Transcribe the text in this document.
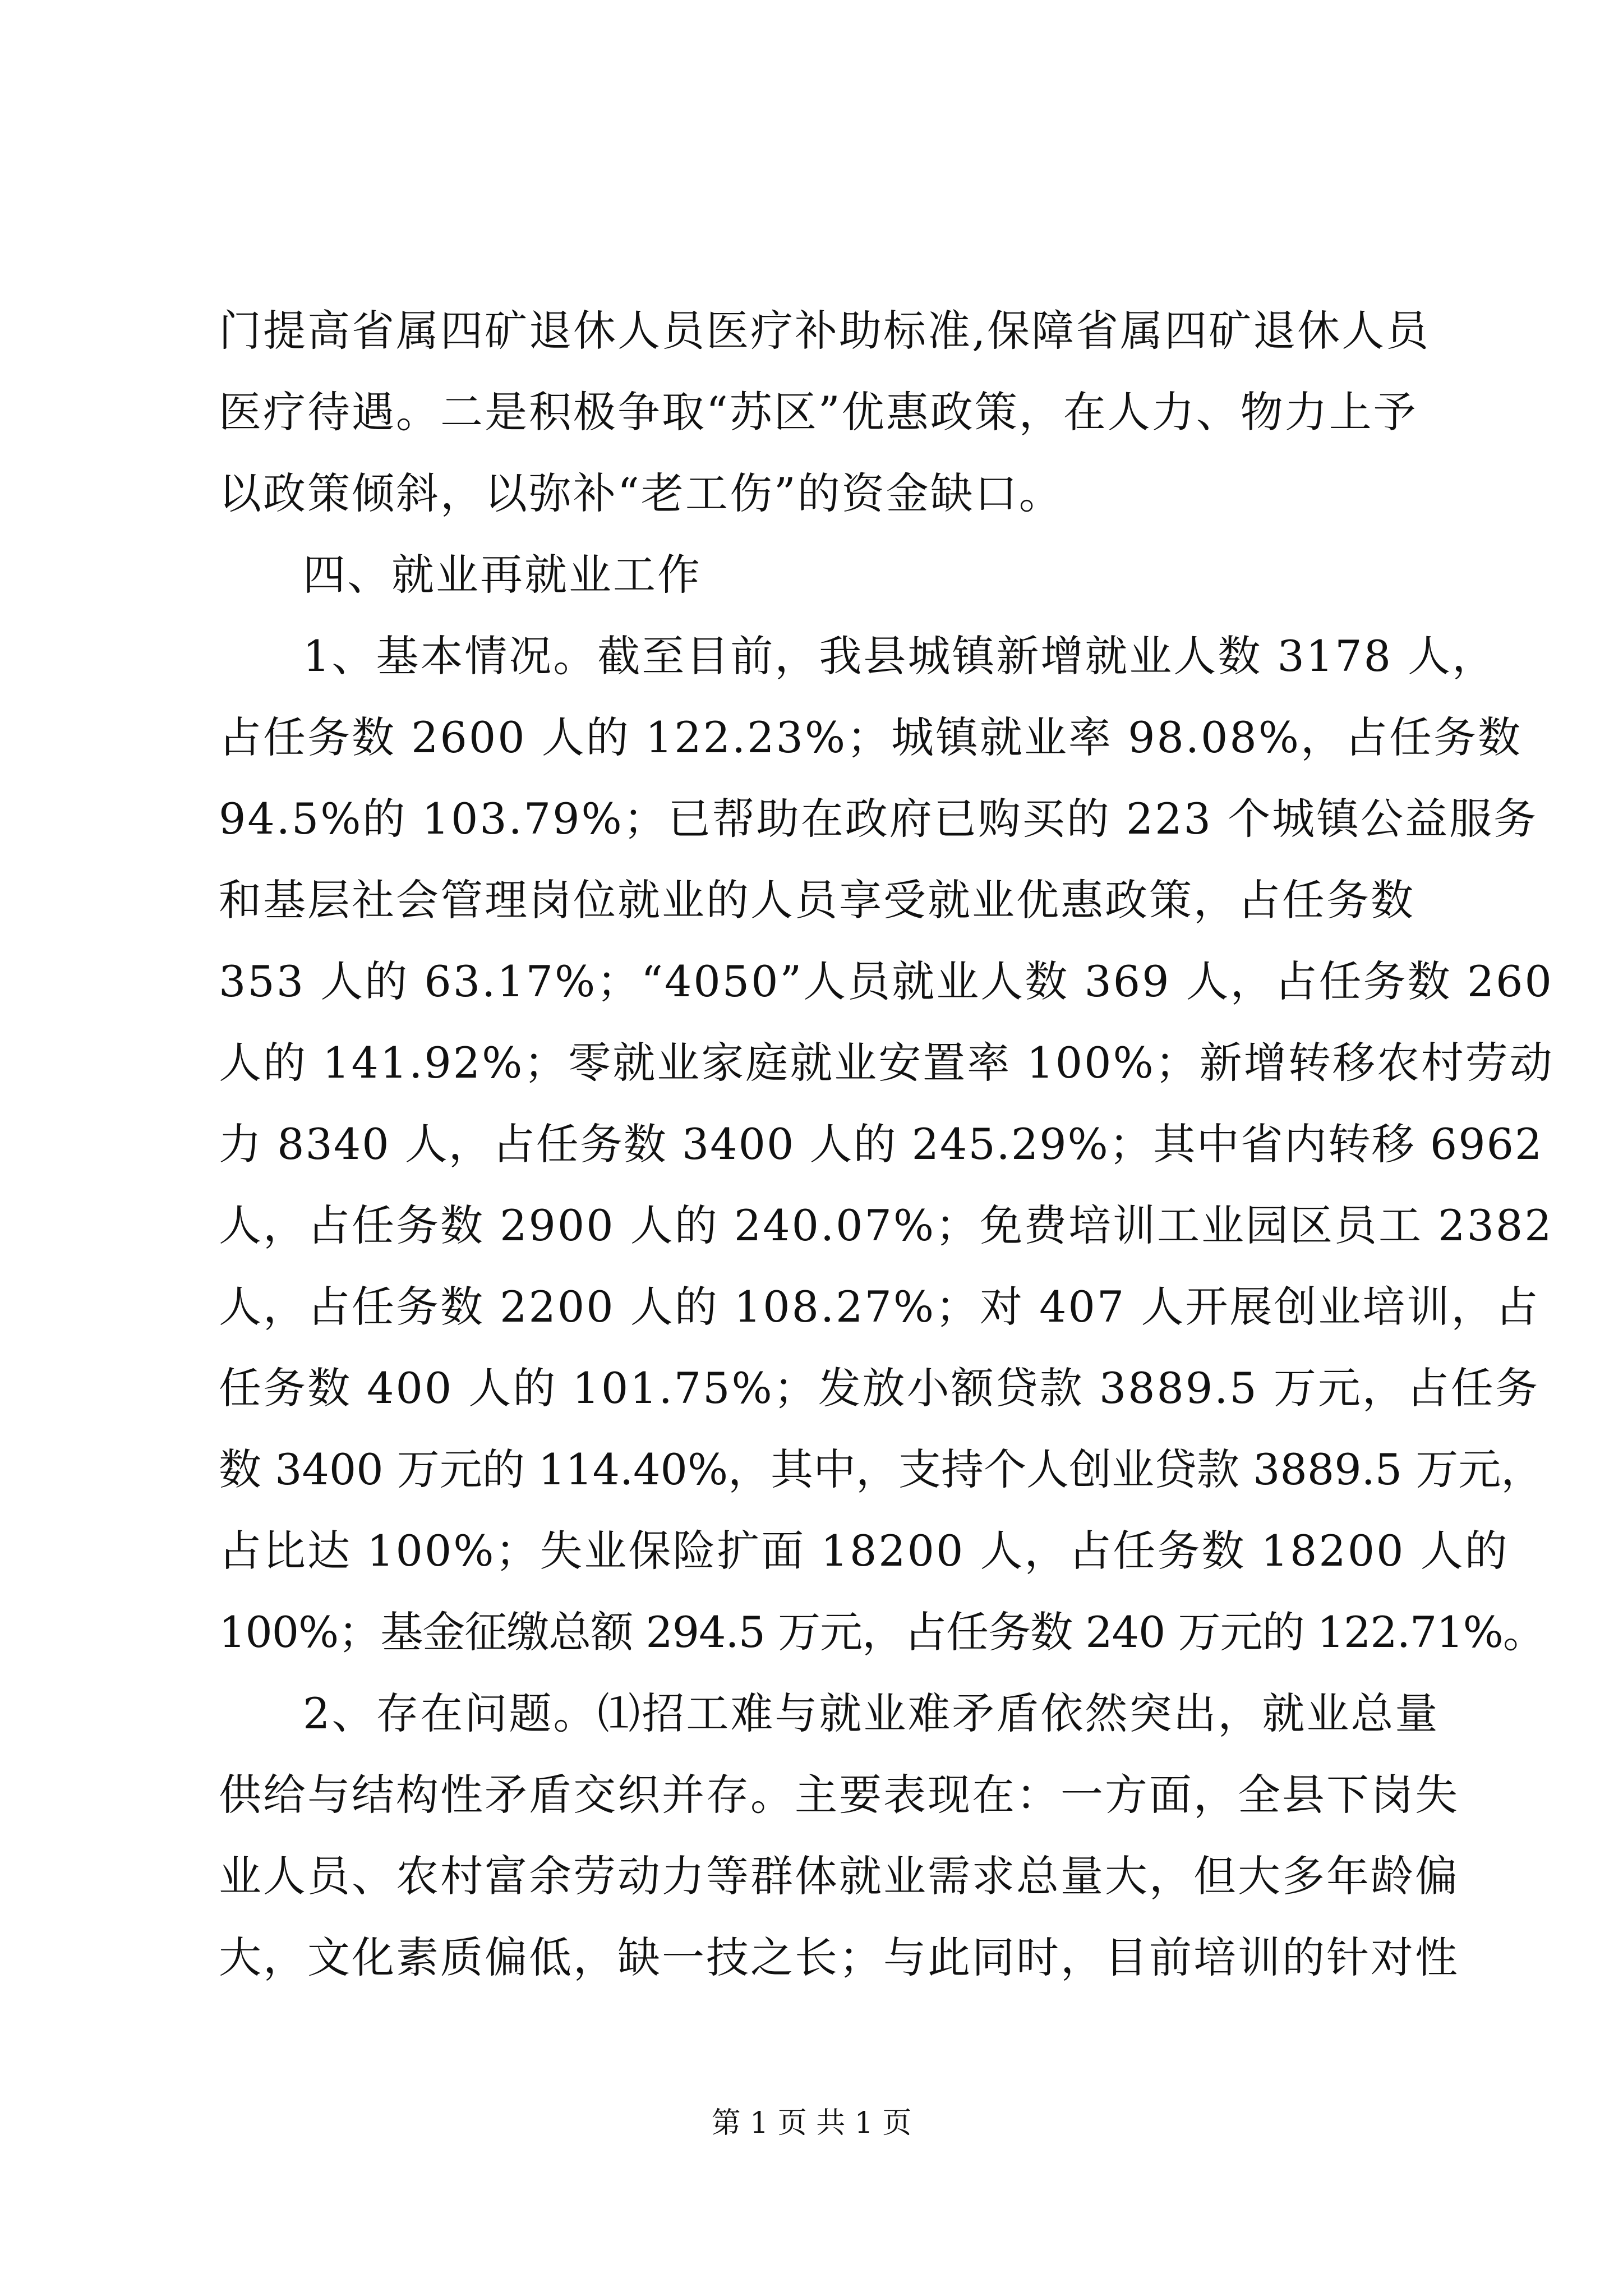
门提高省属四矿退休人员医疗补助标准,保障省属四矿退休人员
医疗待遇。二是积极争取“苏区”优惠政策，在人力、物力上予
以政策倾斜，以弥补“老工伤”的资金缺口。
四、就业再就业工作
1、基本情况。截至目前，我县城镇新增就业人数 3178 人，
占任务数 2600 人的 122.23%；城镇就业率 98.08%，占任务数
94.5%的 103.79%；已帮助在政府已购买的 223 个城镇公益服务
和基层社会管理岗位就业的人员享受就业优惠政策，占任务数
353 人的 63.17%；“4050”人员就业人数 369 人，占任务数 260
人的 141.92%；零就业家庭就业安置率 100%；新增转移农村劳动
力 8340 人，占任务数 3400 人的 245.29%；其中省内转移 6962
人，占任务数 2900 人的 240.07%；免费培训工业园区员工 2382
人，占任务数 2200 人的 108.27%；对 407 人开展创业培训，占
任务数 400 人的 101.75%；发放小额贷款 3889.5 万元，占任务
数 3400 万元的 114.40%，其中，支持个人创业贷款 3889.5 万元，
占比达 100%；失业保险扩面 18200 人，占任务数 18200 人的
100%；基金征缴总额 294.5 万元，占任务数 240 万元的 122.71%。
2、存在问题。⑴招工难与就业难矛盾依然突出，就业总量
供给与结构性矛盾交织并存。主要表现在：一方面，全县下岗失
业人员、农村富余劳动力等群体就业需求总量大，但大多年龄偏
大，文化素质偏低，缺一技之长；与此同时，目前培训的针对性
第 1 页 共 1 页
